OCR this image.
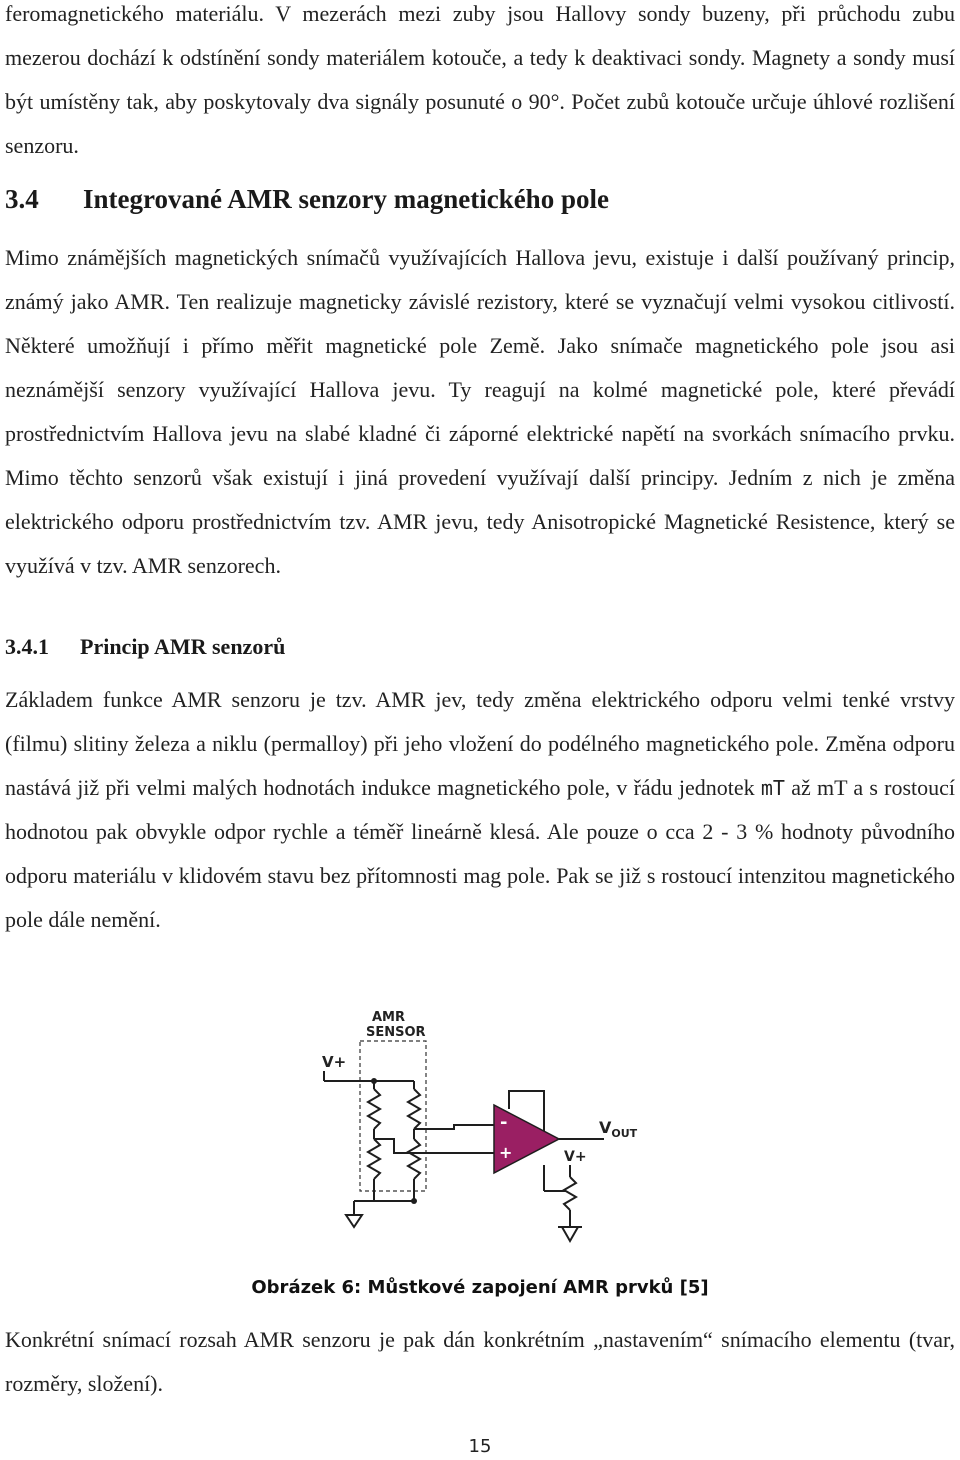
feromagnetického materiálu. V mezerách mezi zuby jsou Hallovy sondy buzeny, při průchodu zubu mezerou dochází k odstínění sondy materiálem kotouče, a tedy k deaktivaci sondy. Magnety a sondy musí být umístěny tak, aby poskytovaly dva signály posunuté o 90°. Počet zubů kotouče určuje úhlové rozlišení senzoru.

3.4 Integrované AMR senzory magnetického pole

Mimo známějších magnetických snímačů využívajících Hallova jevu, existuje i další používaný princip, známý jako AMR. Ten realizuje magneticky závislé rezistory, které se vyznačují velmi vysokou citlivostí. Některé umožňují i přímo měřit magnetické pole Země. Jako snímače magnetického pole jsou asi neznámější senzory využívající Hallova jevu. Ty reagují na kolmé magnetické pole, které převádí prostřednictvím Hallova jevu na slabé kladné či záporné elektrické napětí na svorkách snímacího prvku. Mimo těchto senzorů však existují i jiná provedení využívají další principy. Jedním z nich je změna elektrického odporu prostřednictvím tzv. AMR jevu, tedy Anisotropické Magnetické Resistence, který se využívá v tzv. AMR senzorech.

3.4.1 Princip AMR senzorů

Základem funkce AMR senzoru je tzv. AMR jev, tedy změna elektrického odporu velmi tenké vrstvy (filmu) slitiny železa a niklu (permalloy) při jeho vložení do podélného magnetického pole. Změna odporu nastává již při velmi malých hodnotách indukce magnetického pole, v řádu jednotek mT až mT a s rostoucí hodnotou pak obvykle odpor rychle a téměř lineárně klesá. Ale pouze o cca 2 - 3 % hodnoty původního odporu materiálu v klidovém stavu bez přítomnosti mag pole. Pak se již s rostoucí intenzitou magnetického pole dále nemění.

AMR
SENSOR
V+
-
+
$V_{OUT}$
V+
Obrázek 6: Můstkové zapojení AMR prvků [5]

Konkrétní snímací rozsah AMR senzoru je pak dán konkrétním „nastavením“ snímacího elementu (tvar, rozměry, složení).

15
